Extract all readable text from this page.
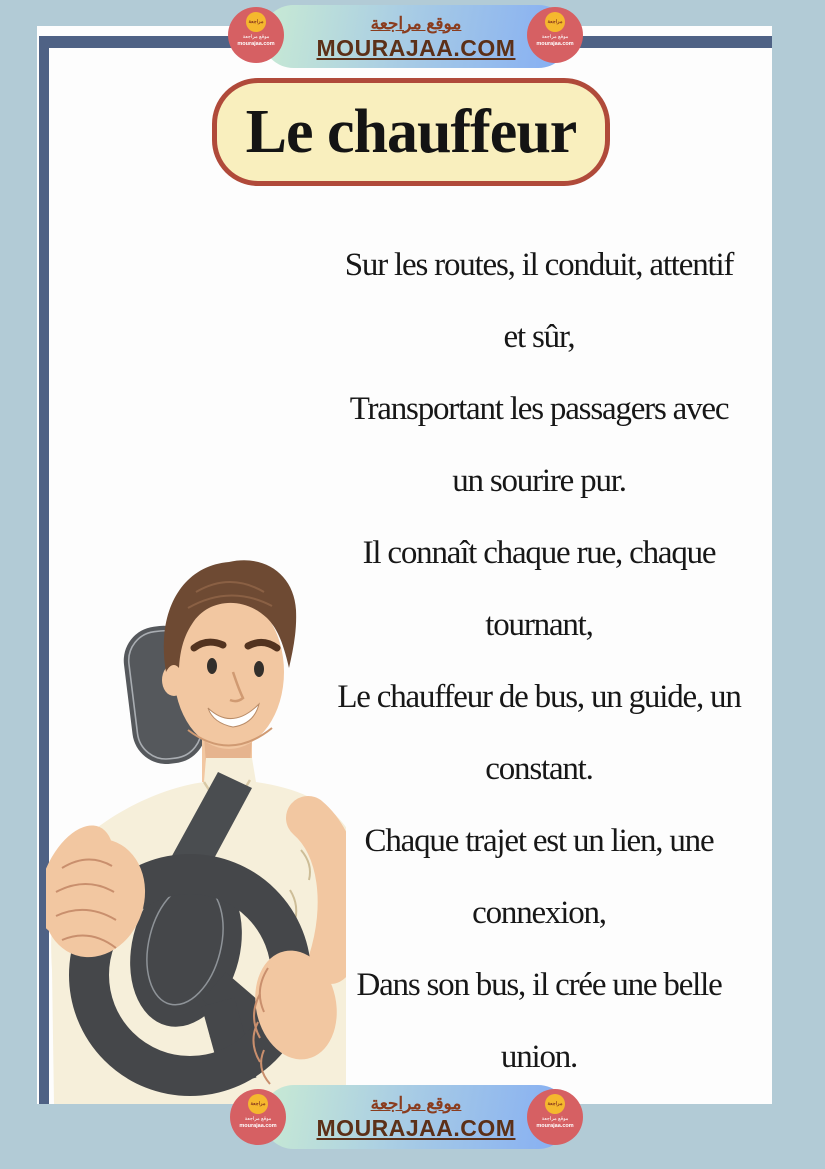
Le chauffeur
Sur les routes, il conduit, attentif
et sûr,
Transportant les passagers avec
un sourire pur.
Il connaît chaque rue, chaque
tournant,
Le chauffeur de bus, un guide, un
constant.
Chaque trajet est un lien, une
connexion,
Dans son bus, il crée une belle
union.
موقع مراجعة
MOURAJAA.COM
موقع مراجعة
MOURAJAA.COM
مراجعة
موقع مراجعة
mourajaa.com
مراجعة
موقع مراجعة
mourajaa.com
مراجعة
موقع مراجعة
mourajaa.com
مراجعة
موقع مراجعة
mourajaa.com
